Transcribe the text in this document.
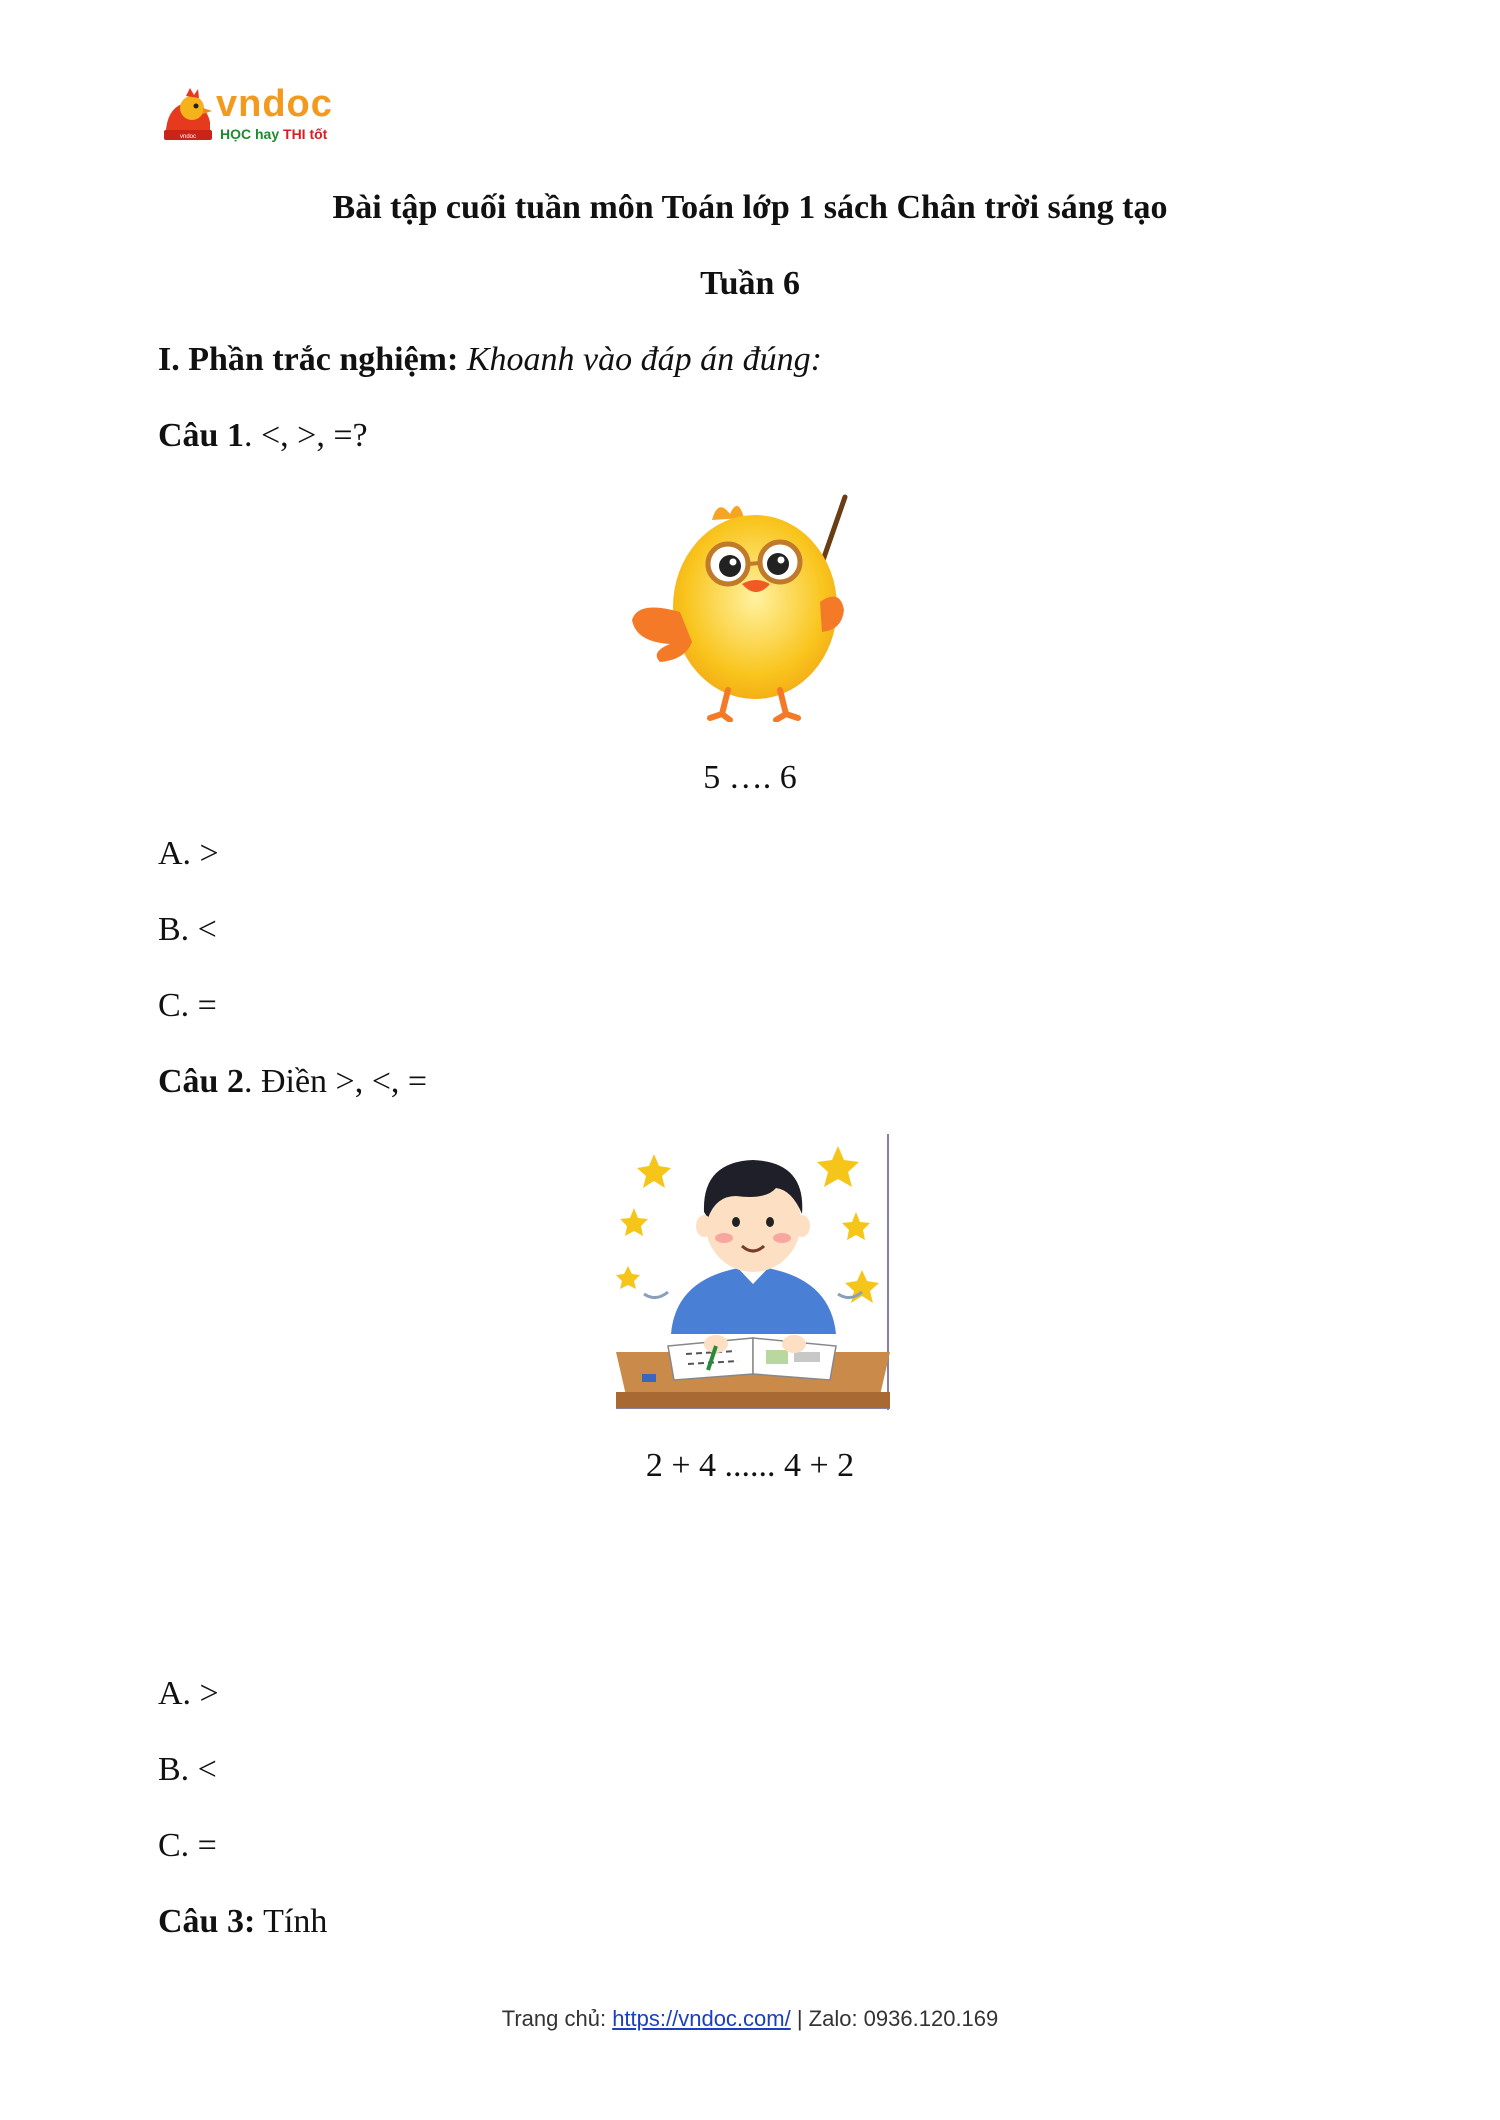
vndoc
vndoc
HỌC hay THI tốt
Bài tập cuối tuần môn Toán lớp 1 sách Chân trời sáng tạo
Tuần 6
I. Phần trắc nghiệm: Khoanh vào đáp án đúng:
Câu 1. <, >, =?
5 …. 6
A. >
B. <
C. =
Câu 2. Điền >, <, =
2 + 4 ...... 4 + 2
A. >
B. <
C. =
Câu 3: Tính
Trang chủ: https://vndoc.com/ | Zalo: 0936.120.169
